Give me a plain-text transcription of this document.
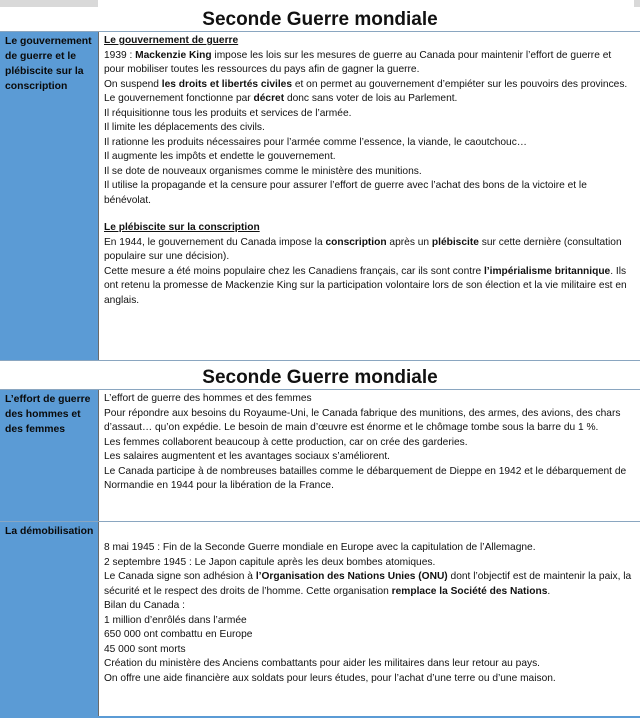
Seconde Guerre mondiale
Le gouvernement de guerre et le plébiscite sur la conscription

Le gouvernement de guerre

1939 : Mackenzie King impose les lois sur les mesures de guerre au Canada pour maintenir l’effort de guerre et pour mobiliser toutes les ressources du pays afin de gagner la guerre.

On suspend les droits et libertés civiles et on permet au gouvernement d’empiéter sur les pouvoirs des provinces. Le gouvernement fonctionne par décret donc sans voter de lois au Parlement.

Il réquisitionne tous les produits et services de l’armée.

Il limite les déplacements des civils.

Il rationne les produits nécessaires pour l’armée comme l’essence, la viande, le caoutchouc…

Il augmente les impôts et endette le gouvernement.

Il se dote de nouveaux organismes comme le ministère des munitions.

Il utilise la propagande et la censure pour assurer l’effort de guerre avec l’achat des bons de la victoire et le bénévolat.

Le plébiscite sur la conscription

En 1944, le gouvernement du Canada impose la conscription après un plébiscite sur cette dernière (consultation populaire sur une décision).

Cette mesure a été moins populaire chez les Canadiens français, car ils sont contre l’impérialisme britannique. Ils ont retenu la promesse de Mackenzie King sur la participation volontaire lors de son élection et la vie militaire est en anglais.

Seconde Guerre mondiale
L’effort de guerre des hommes et des femmes

L’effort de guerre des hommes et des femmes

Pour répondre aux besoins du Royaume-Uni, le Canada fabrique des munitions, des armes, des avions, des chars d’assaut… qu’on expédie. Le besoin de main d’œuvre est énorme et le chômage tombe sous la barre du 1 %.

Les femmes collaborent beaucoup à cette production, car on crée des garderies.

Les salaires augmentent et les avantages sociaux s’améliorent.

Le Canada participe à de nombreuses batailles comme le débarquement de Dieppe en 1942 et le débarquement de Normandie en 1944 pour la libération de la France.

La démobilisation

8 mai 1945 : Fin de la Seconde Guerre mondiale en Europe avec la capitulation de l’Allemagne.

2 septembre 1945 : Le Japon capitule après les deux bombes atomiques.

Le Canada signe son adhésion à l’Organisation des Nations Unies (ONU) dont l’objectif est de maintenir la paix, la sécurité et le respect des droits de l’homme. Cette organisation remplace la Société des Nations.

Bilan du Canada :

1 million d’enrôlés dans l’armée

650 000 ont combattu en Europe

45 000 sont morts

Création du ministère des Anciens combattants pour aider les militaires dans leur retour au pays.

On offre une aide financière aux soldats pour leurs études, pour l’achat d’une terre ou d’une maison.
